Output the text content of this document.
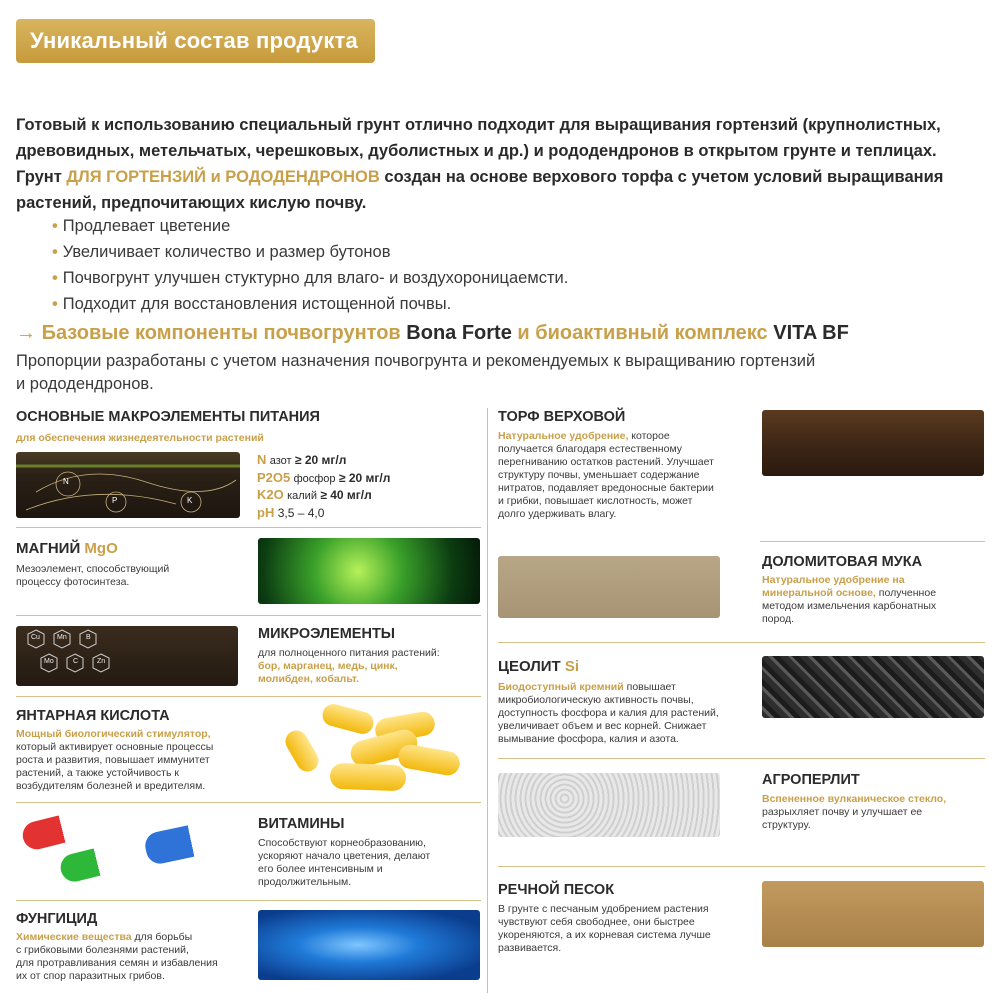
Уникальный состав продукта
Готовый к использованию специальный грунт отлично подходит для выращивания гортензий (крупнолистных,
древовидных, метельчатых, черешковых, дуболистных и др.) и рододендронов в открытом грунте и теплицах.
Грунт ДЛЯ ГОРТЕНЗИЙ и РОДОДЕНДРОНОВ создан на основе верхового торфа с учетом условий выращивания
растений, предпочитающих кислую почву.
• Продлевает цветение
• Увеличивает количество и размер бутонов
• Почвогрунт улучшен стуктурно для влаго- и воздухороницаемсти.
• Подходит для восстановления истощенной почвы.
→ Базовые компоненты почвогрунтов Bona Forte и биоактивный комплекс VITA BF
Пропорции разработаны с учетом назначения почвогрунта и рекомендуемых к выращиванию гортензий
и рододендронов.
ОСНОВНЫЕ МАКРОЭЛЕМЕНТЫ ПИТАНИЯ
для обеспечения жизнедеятельности растений
N
P	K
N азот ≥ 20 мг/л
P2O5 фосфор ≥ 20 мг/л
K2O калий ≥ 40 мг/л
pH 3,5 – 4,0
МАГНИЙ MgO
Мезоэлемент, способствующий
процессу фотосинтеза.
Cu Mn	B
Mo	C	Zn
МИКРОЭЛЕМЕНТЫ
для полноценного питания растений:
бор, марганец, медь, цинк,
молибден, кобальт.
ЯНТАРНАЯ КИСЛОТА
Мощный биологический стимулятор,
который активирует основные процессы
роста и развития, повышает иммунитет
растений, а также устойчивость к
возбудителям болезней и вредителям.
C
PP
B1
ВИТАМИНЫ
Способствуют корнеобразованию,
ускоряют начало цветения, делают
его более интенсивным и
продолжительным.
ФУНГИЦИД
Химические вещества для борьбы
с грибковыми болезнями растений,
для протравливания семян и избавления
их от спор паразитных грибов.
ТОРФ ВЕРХОВОЙ
Натуральное удобрение, которое
получается благодаря естественному
перегниванию остатков растений. Улучшает
структуру почвы, уменьшает содержание
нитратов, подавляет вредоносные бактерии
и грибки, повышает кислотность, может
долго удерживать влагу.
ДОЛОМИТОВАЯ МУКА
Натуральное удобрение на
минеральной основе, полученное
методом измельчения карбонатных
пород.
ЦЕОЛИТ Si
Биодоступный кремний повышает
микробиологическую активность почвы,
доступность фосфора и калия для растений,
увеличивает объем и вес корней. Снижает
вымывание фосфора, калия и азота.
АГРОПЕРЛИТ
Вспененное вулканическое стекло,
разрыхляет почву и улучшает ее
структуру.
РЕЧНОЙ ПЕСОК
В грунте с песчаным удобрением растения
чувствуют себя свободнее, они быстрее
укореняются, а их корневая система лучше
развивается.
